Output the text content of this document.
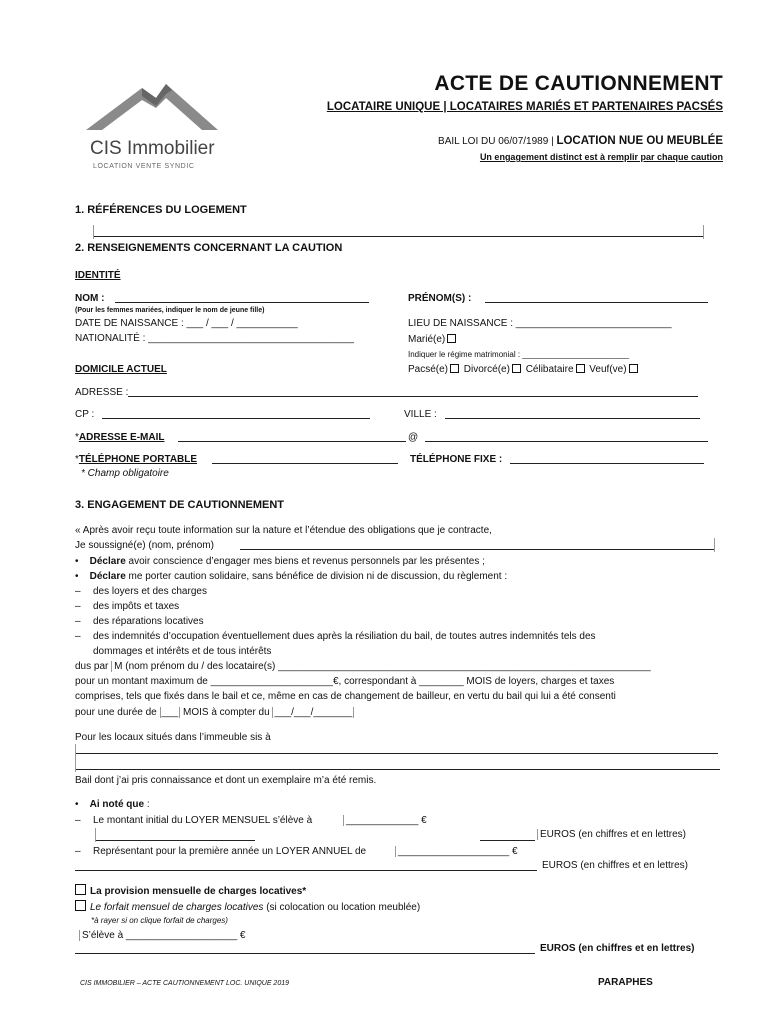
CIS Immobilier
LOCATION VENTE SYNDIC
ACTE DE CAUTIONNEMENT
LOCATAIRE UNIQUE | LOCATAIRES MARIÉS ET PARTENAIRES PACSÉS
BAIL LOI DU 06/07/1989 | LOCATION NUE OU MEUBLÉE
Un engagement distinct est à remplir par chaque caution
1. RÉFÉRENCES DU LOGEMENT
2. RENSEIGNEMENTS CONCERNANT LA CAUTION
IDENTITÉ
NOM :
(Pour les femmes mariées, indiquer le nom de jeune fille)
PRÉNOM(S) :
DATE DE NAISSANCE : ___ / ___ / ___________
NATIONALITÉ : _____________________________________
LIEU DE NAISSANCE : ____________________________
Marié(e)
Indiquer le régime matrimonial : ________________________
DOMICILE ACTUEL	Pacsé(e) Divorcé(e) Célibataire Veuf(ve)
ADRESSE :
CP :	VILLE :
*ADRESSE E-MAIL	@
*TÉLÉPHONE PORTABLE	TÉLÉPHONE FIXE :
* Champ obligatoire
3. ENGAGEMENT DE CAUTIONNEMENT
« Après avoir reçu toute information sur la nature et l’étendue des obligations que je contracte,
Je soussigné(e) (nom, prénom)
• Déclare avoir conscience d’engager mes biens et revenus personnels par les présentes ;
• Déclare me porter caution solidaire, sans bénéfice de division ni de discussion, du règlement :
– des loyers et des charges
– des impôts et taxes
– des réparations locatives
– des indemnités d’occupation éventuellement dues après la résiliation du bail, de toutes autres indemnités tels des
dommages et intérêts et de tous intérêts
dus par M (nom prénom du / des locataire(s) ___________________________________________________________________
pour un montant maximum de ______________________€, correspondant à ________ MOIS de loyers, charges et taxes
comprises, tels que fixés dans le bail et ce, même en cas de changement de bailleur, en vertu du bail qui lui a été consenti
pour une durée de ___ MOIS à compter du ___/___/_______
Pour les locaux situés dans l’immeuble sis à
Bail dont j’ai pris connaissance et dont un exemplaire m’a été remis.
• Ai noté que :
– Le montant initial du LOYER MENSUEL s’élève à	_____________ €
EUROS (en chiffres et en lettres)
– Représentant pour la première année un LOYER ANNUEL de	____________________ €
EUROS (en chiffres et en lettres)
La provision mensuelle de charges locatives*
Le forfait mensuel de charges locatives (si colocation ou location meublée)
*à rayer si on clique forfait de charges)
S’élève à ____________________ €
EUROS (en chiffres et en lettres)
CIS IMMOBILIER – ACTE CAUTIONNEMENT LOC. UNIQUE 2019	PARAPHES
